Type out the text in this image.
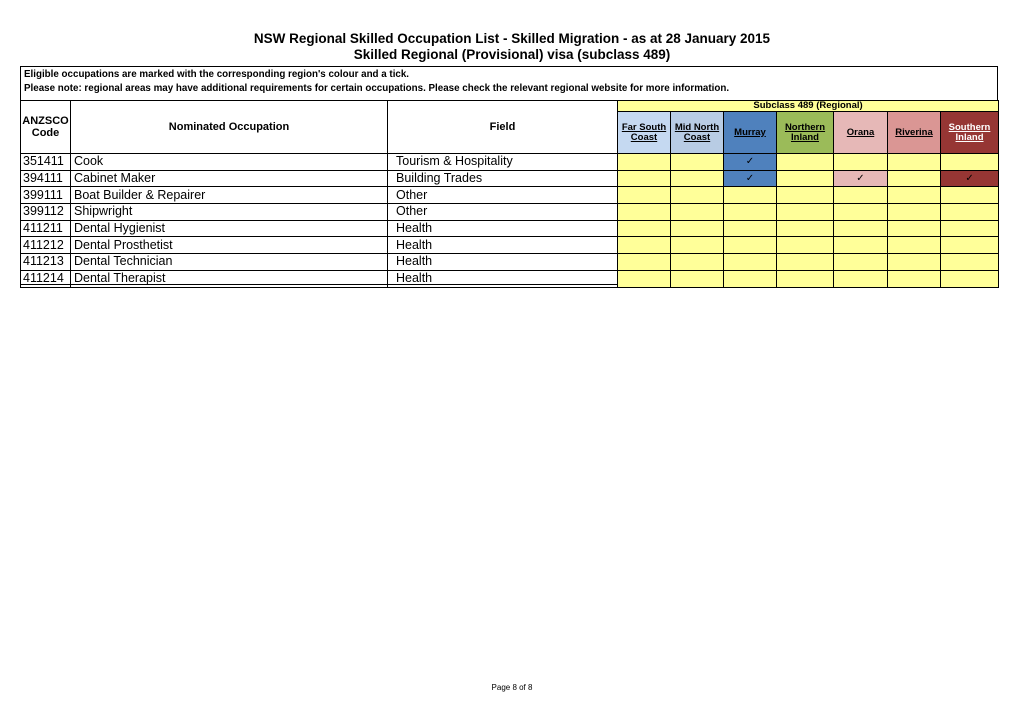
NSW Regional Skilled Occupation List - Skilled Migration - as at 28 January 2015
Skilled Regional (Provisional) visa (subclass 489)
Eligible occupations are marked with the corresponding region's colour and a tick.
Please note: regional areas may have additional requirements for certain occupations. Please check the relevant regional website for more information.
ANZSCO Code	Nominated Occupation	Field	Subclass 489 (Regional)						
			Far South Coast	Mid North Coast	Murray	Northern Inland	Orana	Riverina	Southern Inland
351411	Cook	Tourism & Hospitality			✓				
394111	Cabinet Maker	Building Trades			✓		✓		✓
399111	Boat Builder & Repairer	Other							
399112	Shipwright	Other							
411211	Dental Hygienist	Health							
411212	Dental Prosthetist	Health							
411213	Dental Technician	Health							
411214	Dental Therapist	Health							
Page 8 of 8
